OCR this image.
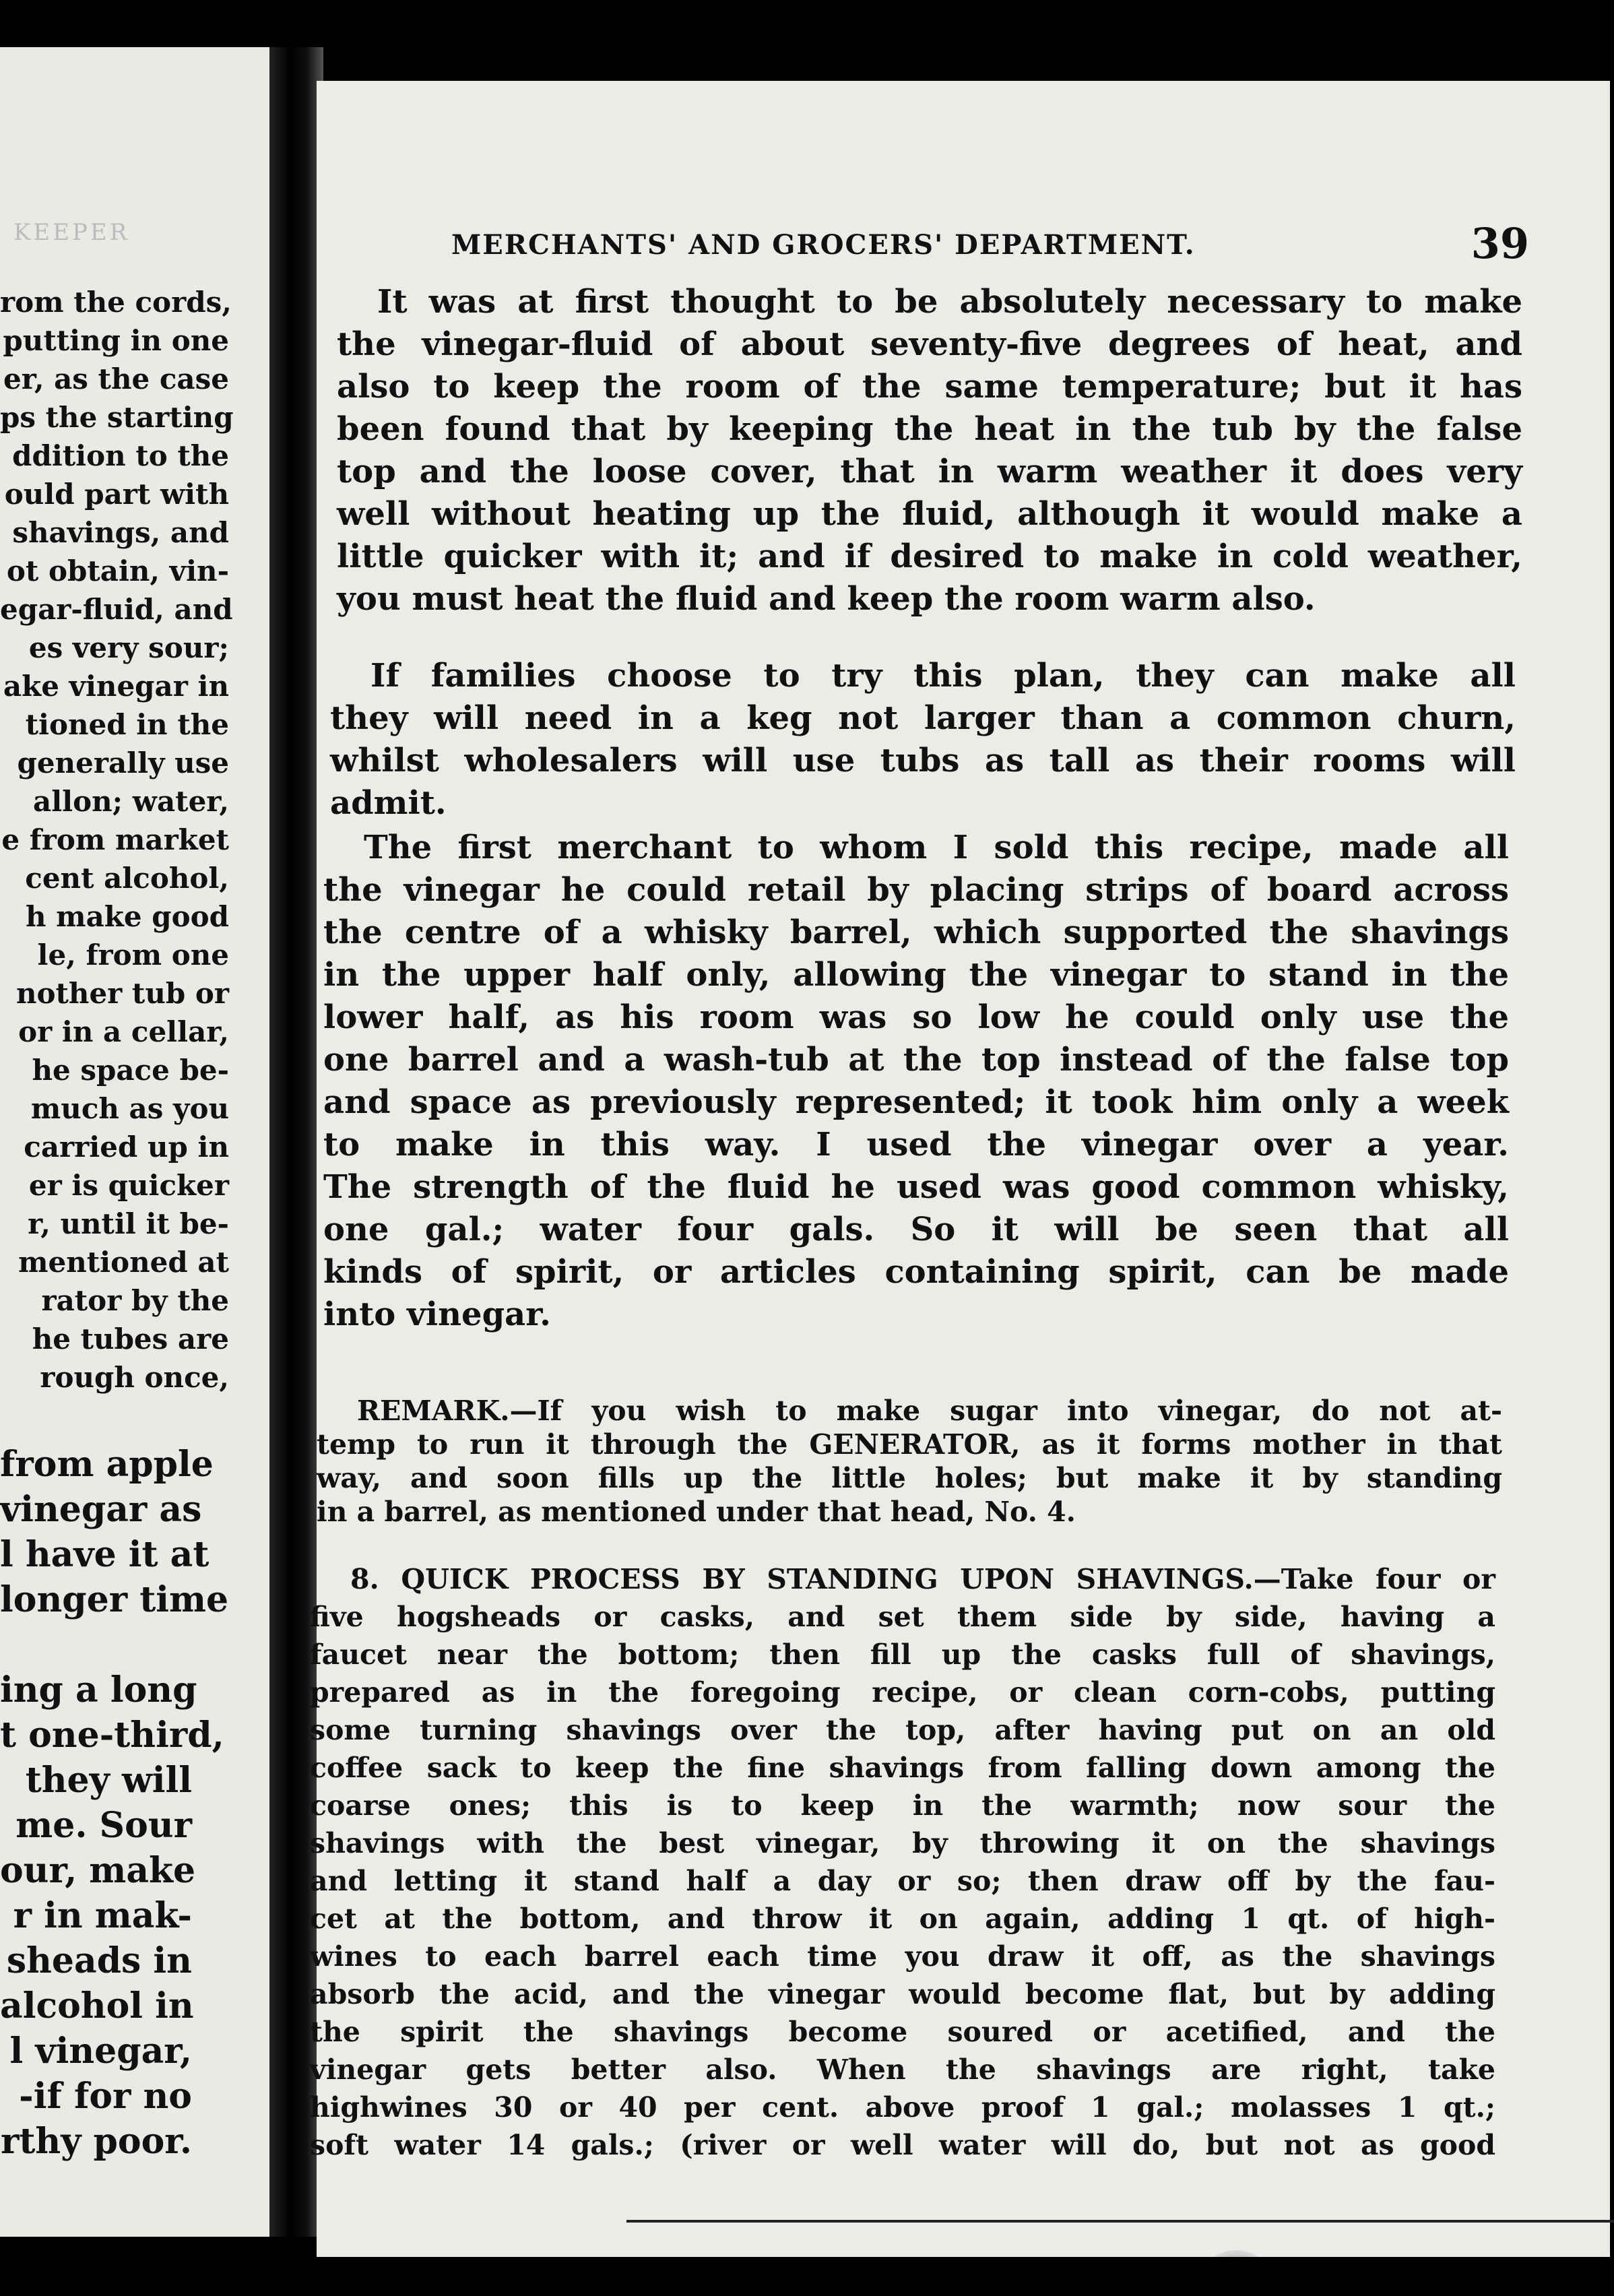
KEEPER
rom the cords,
putting in one
er, as the case
ps the starting
ddition to the
ould part with
shavings, and
ot obtain, vin-
egar-fluid, and
es very sour;
ake vinegar in
tioned in the
generally use
allon; water,
e from market
cent alcohol,
h make good
le, from one
nother tub or
or in a cellar,
he space be-
much as you
carried up in
er is quicker
r, until it be-
mentioned at
rator by the
he tubes are
rough once,
from apple
vinegar as
l have it at
longer time
ing a long
t one-third,
they will
me. Sour
our, make
r in mak-
sheads in
alcohol in
l vinegar,
-if for no
rthy poor.
MERCHANTS' AND GROCERS' DEPARTMENT.	39
It was at first thought to be absolutely necessary to make
the vinegar-fluid of about seventy-five degrees of heat, and
also to keep the room of the same temperature; but it has
been found that by keeping the heat in the tub by the false
top and the loose cover, that in warm weather it does very
well without heating up the fluid, although it would make a
little quicker with it; and if desired to make in cold weather,
you must heat the fluid and keep the room warm also.
If families choose to try this plan, they can make all
they will need in a keg not larger than a common churn,
whilst wholesalers will use tubs as tall as their rooms will
admit.
The first merchant to whom I sold this recipe, made all
the vinegar he could retail by placing strips of board across
the centre of a whisky barrel, which supported the shavings
in the upper half only, allowing the vinegar to stand in the
lower half, as his room was so low he could only use the
one barrel and a wash-tub at the top instead of the false top
and space as previously represented; it took him only a week
to make in this way. I used the vinegar over a year.
The strength of the fluid he used was good common whisky,
one gal.; water four gals. So it will be seen that all
kinds of spirit, or articles containing spirit, can be made
into vinegar.
REMARK.—If you wish to make sugar into vinegar, do not at-
temp to run it through the GENERATOR, as it forms mother in that
way, and soon fills up the little holes; but make it by standing
in a barrel, as mentioned under that head, No. 4.
8. QUICK PROCESS BY STANDING UPON SHAVINGS.—Take four or
five hogsheads or casks, and set them side by side, having a
faucet near the bottom; then fill up the casks full of shavings,
prepared as in the foregoing recipe, or clean corn-cobs, putting
some turning shavings over the top, after having put on an old
coffee sack to keep the fine shavings from falling down among the
coarse ones; this is to keep in the warmth; now sour the
shavings with the best vinegar, by throwing it on the shavings
and letting it stand half a day or so; then draw off by the fau-
cet at the bottom, and throw it on again, adding 1 qt. of high-
wines to each barrel each time you draw it off, as the shavings
absorb the acid, and the vinegar would become flat, but by adding
the spirit the shavings become soured or acetified, and the
vinegar gets better also. When the shavings are right, take
highwines 30 or 40 per cent. above proof 1 gal.; molasses 1 qt.;
soft water 14 gals.; (river or well water will do, but not as good
